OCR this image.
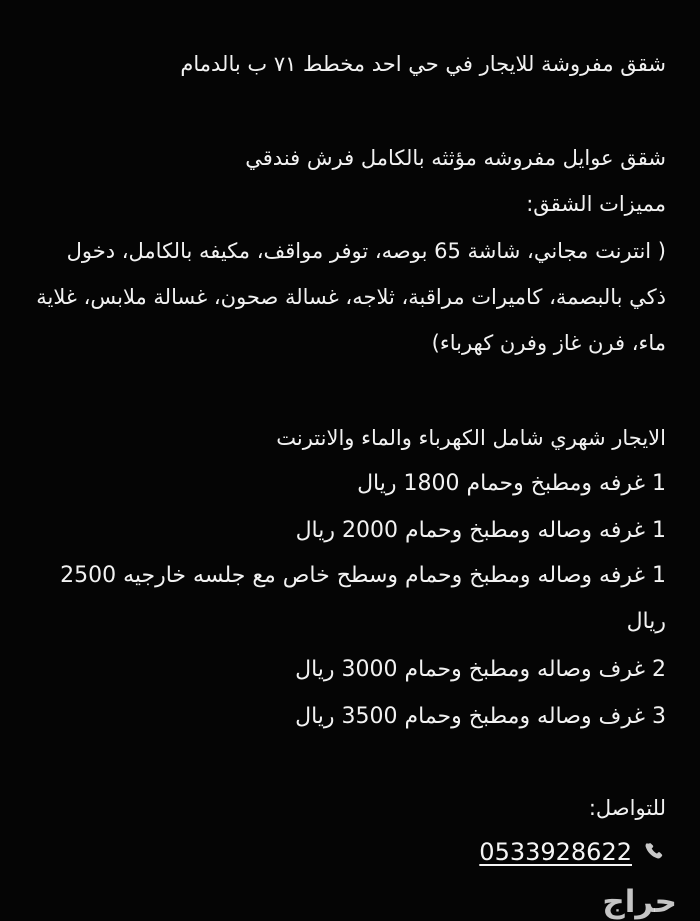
شقق مفروشة للايجار في حي احد مخطط ٧١ ب بالدمام
شقق عوايل مفروشه مؤثثه بالكامل فرش فندقي
مميزات الشقق:
( انترنت مجاني، شاشة 65 بوصه، توفر مواقف، مكيفه بالكامل، دخول ذكي بالبصمة، كاميرات مراقبة، ثلاجه، غسالة صحون، غسالة ملابس، غلاية ماء، فرن غاز وفرن كهرباء)
الايجار شهري شامل الكهرباء والماء والانترنت
1 غرفه ومطبخ وحمام 1800 ريال
1 غرفه وصاله ومطبخ وحمام 2000 ريال
1 غرفه وصاله ومطبخ وحمام وسطح خاص مع جلسه خارجيه 2500 ريال
2 غرف وصاله ومطبخ وحمام 3000 ريال
3 غرف وصاله ومطبخ وحمام 3500 ريال
للتواصل:
0533928622
حراج
